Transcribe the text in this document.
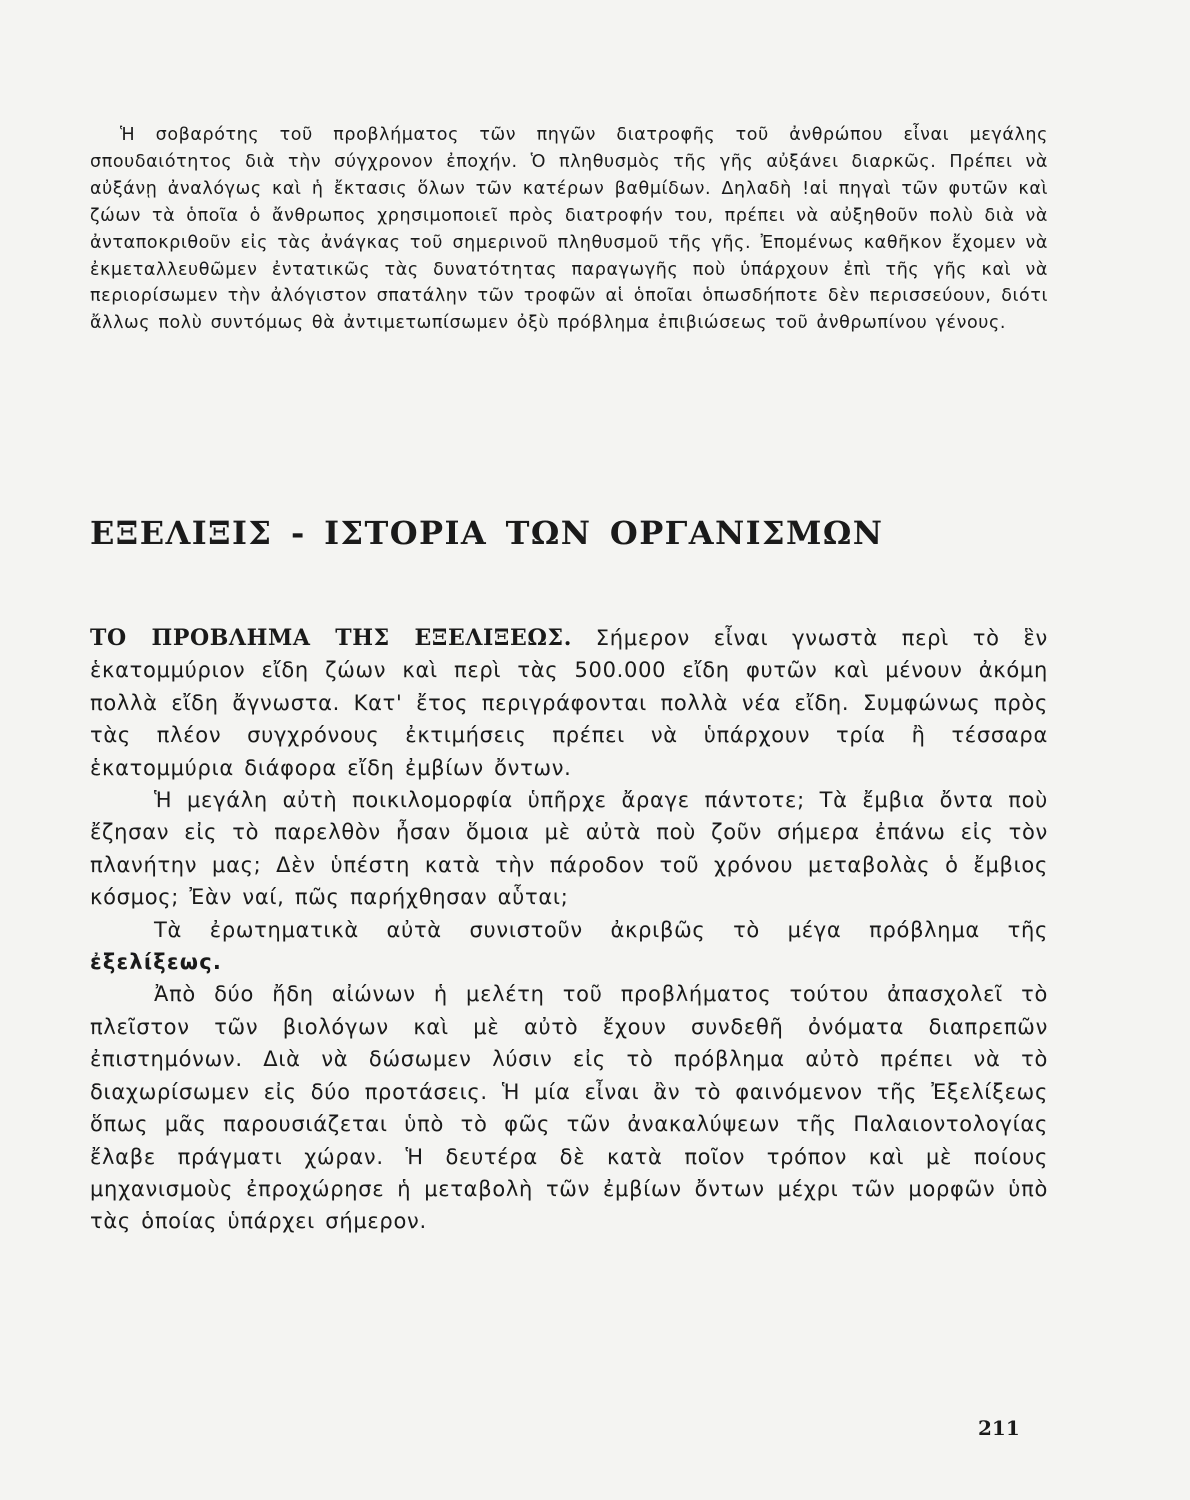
Ἡ σοβαρότης τοῦ προβλήματος τῶν πηγῶν διατροφῆς τοῦ ἀνθρώπου εἶναι μεγάλης σπουδαιότητος διὰ τὴν σύγχρονον ἐποχήν. Ὁ πληθυσμὸς τῆς γῆς αὐξάνει διαρκῶς. Πρέπει νὰ αὐξάνῃ ἀναλόγως καὶ ἡ ἔκτασις ὅλων τῶν κατέρων βαθμίδων. Δηλαδὴ !αἱ πηγαὶ τῶν φυτῶν καὶ ζώων τὰ ὁποῖα ὁ ἄνθρωπος χρησιμοποιεῖ πρὸς διατροφήν του, πρέπει νὰ αὐξηθοῦν πολὺ διὰ νὰ ἀνταποκριθοῦν εἰς τὰς ἀνάγκας τοῦ σημερινοῦ πληθυσμοῦ τῆς γῆς. Ἐπομένως καθῆκον ἔχομεν νὰ ἐκμεταλλευθῶμεν ἐντατικῶς τὰς δυνατότητας παραγωγῆς ποὺ ὑπάρχουν ἐπὶ τῆς γῆς καὶ νὰ περιορίσωμεν τὴν ἀλόγιστον σπατάλην τῶν τροφῶν αἱ ὁποῖαι ὁπωσδήποτε δὲν περισσεύουν, διότι ἄλλως πολὺ συντόμως θὰ ἀντιμετωπίσωμεν ὀξὺ πρόβλημα ἐπιβιώσεως τοῦ ἀνθρωπίνου γένους.

ΕΞΕΛΙΞΙΣ - ΙΣΤΟΡΙΑ ΤΩΝ ΟΡΓΑΝΙΣΜΩΝ

ΤΟ ΠΡΟΒΛΗΜΑ ΤΗΣ ΕΞΕΛΙΞΕΩΣ. Σήμερον εἶναι γνωστὰ περὶ τὸ ἓν ἑκατομμύριον εἴδη ζώων καὶ περὶ τὰς 500.000 εἴδη φυτῶν καὶ μένουν ἀκόμη πολλὰ εἴδη ἄγνωστα. Κατ' ἔτος περιγράφονται πολλὰ νέα εἴδη. Συμφώνως πρὸς τὰς πλέον συγχρόνους ἐκτιμήσεις πρέπει νὰ ὑπάρχουν τρία ἢ τέσσαρα ἑκατομμύρια διάφορα εἴδη ἐμβίων ὄντων.

Ἡ μεγάλη αὐτὴ ποικιλομορφία ὑπῆρχε ἄραγε πάντοτε; Τὰ ἔμβια ὄντα ποὺ ἔζησαν εἰς τὸ παρελθὸν ἦσαν ὅμοια μὲ αὐτὰ ποὺ ζοῦν σήμερα ἐπάνω εἰς τὸν πλανήτην μας; Δὲν ὑπέστη κατὰ τὴν πάροδον τοῦ χρόνου μεταβολὰς ὁ ἔμβιος κόσμος; Ἐὰν ναί, πῶς παρήχθησαν αὗται;

Τὰ ἐρωτηματικὰ αὐτὰ συνιστοῦν ἀκριβῶς τὸ μέγα πρόβλημα τῆς ἐξελίξεως.

Ἀπὸ δύο ἤδη αἰώνων ἡ μελέτη τοῦ προβλήματος τούτου ἀπασχολεῖ τὸ πλεῖστον τῶν βιολόγων καὶ μὲ αὐτὸ ἔχουν συνδεθῆ ὀνόματα διαπρεπῶν ἐπιστημόνων. Διὰ νὰ δώσωμεν λύσιν εἰς τὸ πρόβλημα αὐτὸ πρέπει νὰ τὸ διαχωρίσωμεν εἰς δύο προτάσεις. Ἡ μία εἶναι ἂν τὸ φαινόμενον τῆς Ἐξελίξεως ὅπως μᾶς παρουσιάζεται ὑπὸ τὸ φῶς τῶν ἀνακαλύψεων τῆς Παλαιοντολογίας ἔλαβε πράγματι χώραν. Ἡ δευτέρα δὲ κατὰ ποῖον τρόπον καὶ μὲ ποίους μηχανισμοὺς ἐπροχώρησε ἡ μεταβολὴ τῶν ἐμβίων ὄντων μέχρι τῶν μορφῶν ὑπὸ τὰς ὁποίας ὑπάρχει σήμερον.

211
